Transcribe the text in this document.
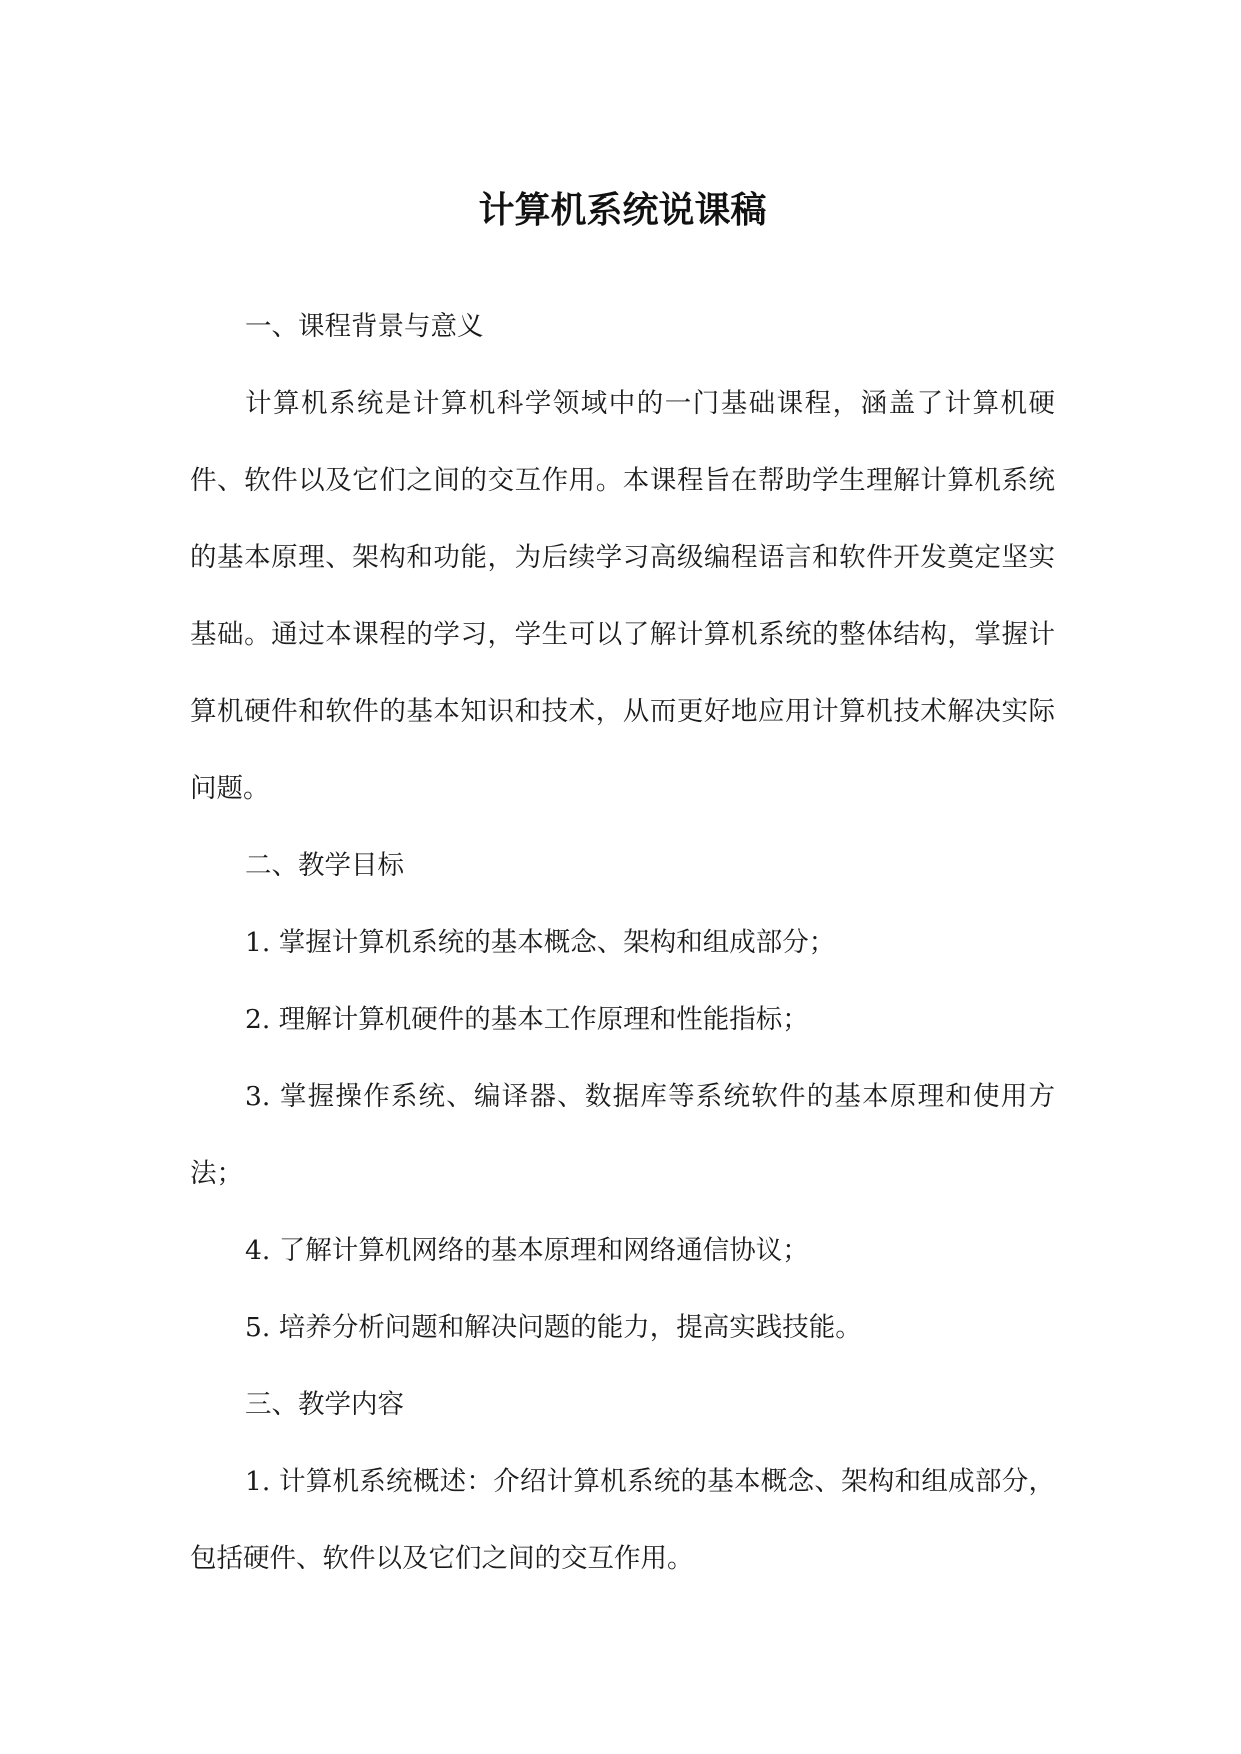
计算机系统说课稿

一、课程背景与意义

计算机系统是计算机科学领域中的一门基础课程，涵盖了计算机硬件、软件以及它们之间的交互作用。本课程旨在帮助学生理解计算机系统的基本原理、架构和功能，为后续学习高级编程语言和软件开发奠定坚实基础。通过本课程的学习，学生可以了解计算机系统的整体结构，掌握计算机硬件和软件的基本知识和技术，从而更好地应用计算机技术解决实际问题。

二、教学目标

1. 掌握计算机系统的基本概念、架构和组成部分；

2. 理解计算机硬件的基本工作原理和性能指标；

3. 掌握操作系统、编译器、数据库等系统软件的基本原理和使用方法；

4. 了解计算机网络的基本原理和网络通信协议；

5. 培养分析问题和解决问题的能力，提高实践技能。

三、教学内容

1. 计算机系统概述：介绍计算机系统的基本概念、架构和组成部分，包括硬件、软件以及它们之间的交互作用。
